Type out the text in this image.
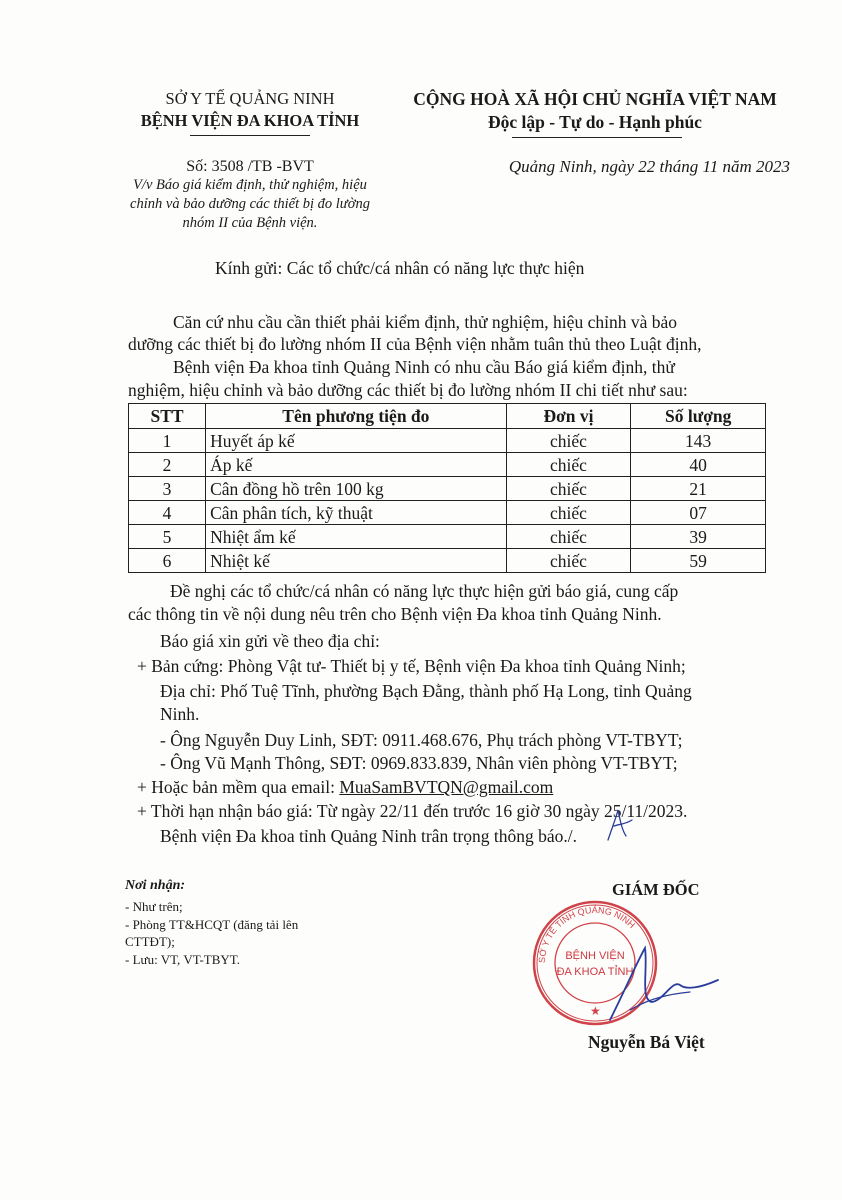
SỞ Y TẾ QUẢNG NINH
BỆNH VIỆN ĐA KHOA TỈNH
CỘNG HOÀ XÃ HỘI CHỦ NGHĨA VIỆT NAM
Độc lập - Tự do - Hạnh phúc
Số: 3508 /TB -BVT
V/v Báo giá kiểm định, thử nghiệm, hiệu
chỉnh và bảo dưỡng các thiết bị đo lường
nhóm II của Bệnh viện.
Quảng Ninh, ngày 22 tháng 11 năm 2023
Kính gửi: Các tổ chức/cá nhân có năng lực thực hiện
Căn cứ nhu cầu cần thiết phải kiểm định, thử nghiệm, hiệu chỉnh và bảo
dưỡng các thiết bị đo lường nhóm II của Bệnh viện nhằm tuân thủ theo Luật định,
Bệnh viện Đa khoa tỉnh Quảng Ninh có nhu cầu Báo giá kiểm định, thử
nghiệm, hiệu chỉnh và bảo dưỡng các thiết bị đo lường nhóm II chi tiết như sau:
STT	Tên phương tiện đo	Đơn vị	Số lượng
1	Huyết áp kế	chiếc	143
2	Áp kế	chiếc	40
3	Cân đồng hồ trên 100 kg	chiếc	21
4	Cân phân tích, kỹ thuật	chiếc	07
5	Nhiệt ẩm kế	chiếc	39
6	Nhiệt kế	chiếc	59
Đề nghị các tổ chức/cá nhân có năng lực thực hiện gửi báo giá, cung cấp
các thông tin về nội dung nêu trên cho Bệnh viện Đa khoa tỉnh Quảng Ninh.
Báo giá xin gửi về theo địa chỉ:
+ Bản cứng: Phòng Vật tư- Thiết bị y tế, Bệnh viện Đa khoa tỉnh Quảng Ninh;
Địa chỉ: Phố Tuệ Tĩnh, phường Bạch Đằng, thành phố Hạ Long, tỉnh Quảng
Ninh.
- Ông Nguyễn Duy Linh, SĐT: 0911.468.676, Phụ trách phòng VT-TBYT;
- Ông Vũ Mạnh Thông, SĐT: 0969.833.839, Nhân viên phòng VT-TBYT;
+ Hoặc bản mềm qua email: MuaSamBVTQN@gmail.com
+ Thời hạn nhận báo giá: Từ ngày 22/11 đến trước 16 giờ 30 ngày 25/11/2023.
Bệnh viện Đa khoa tỉnh Quảng Ninh trân trọng thông báo./.
Nơi nhận:
- Như trên;
- Phòng TT&HCQT (đăng tải lên
CTTĐT);
- Lưu: VT, VT-TBYT.
GIÁM ĐỐC
SỞ Y TẾ TỈNH QUẢNG NINH
BỆNH VIỆN
ĐA KHOA TỈNH
★
Nguyễn Bá Việt
